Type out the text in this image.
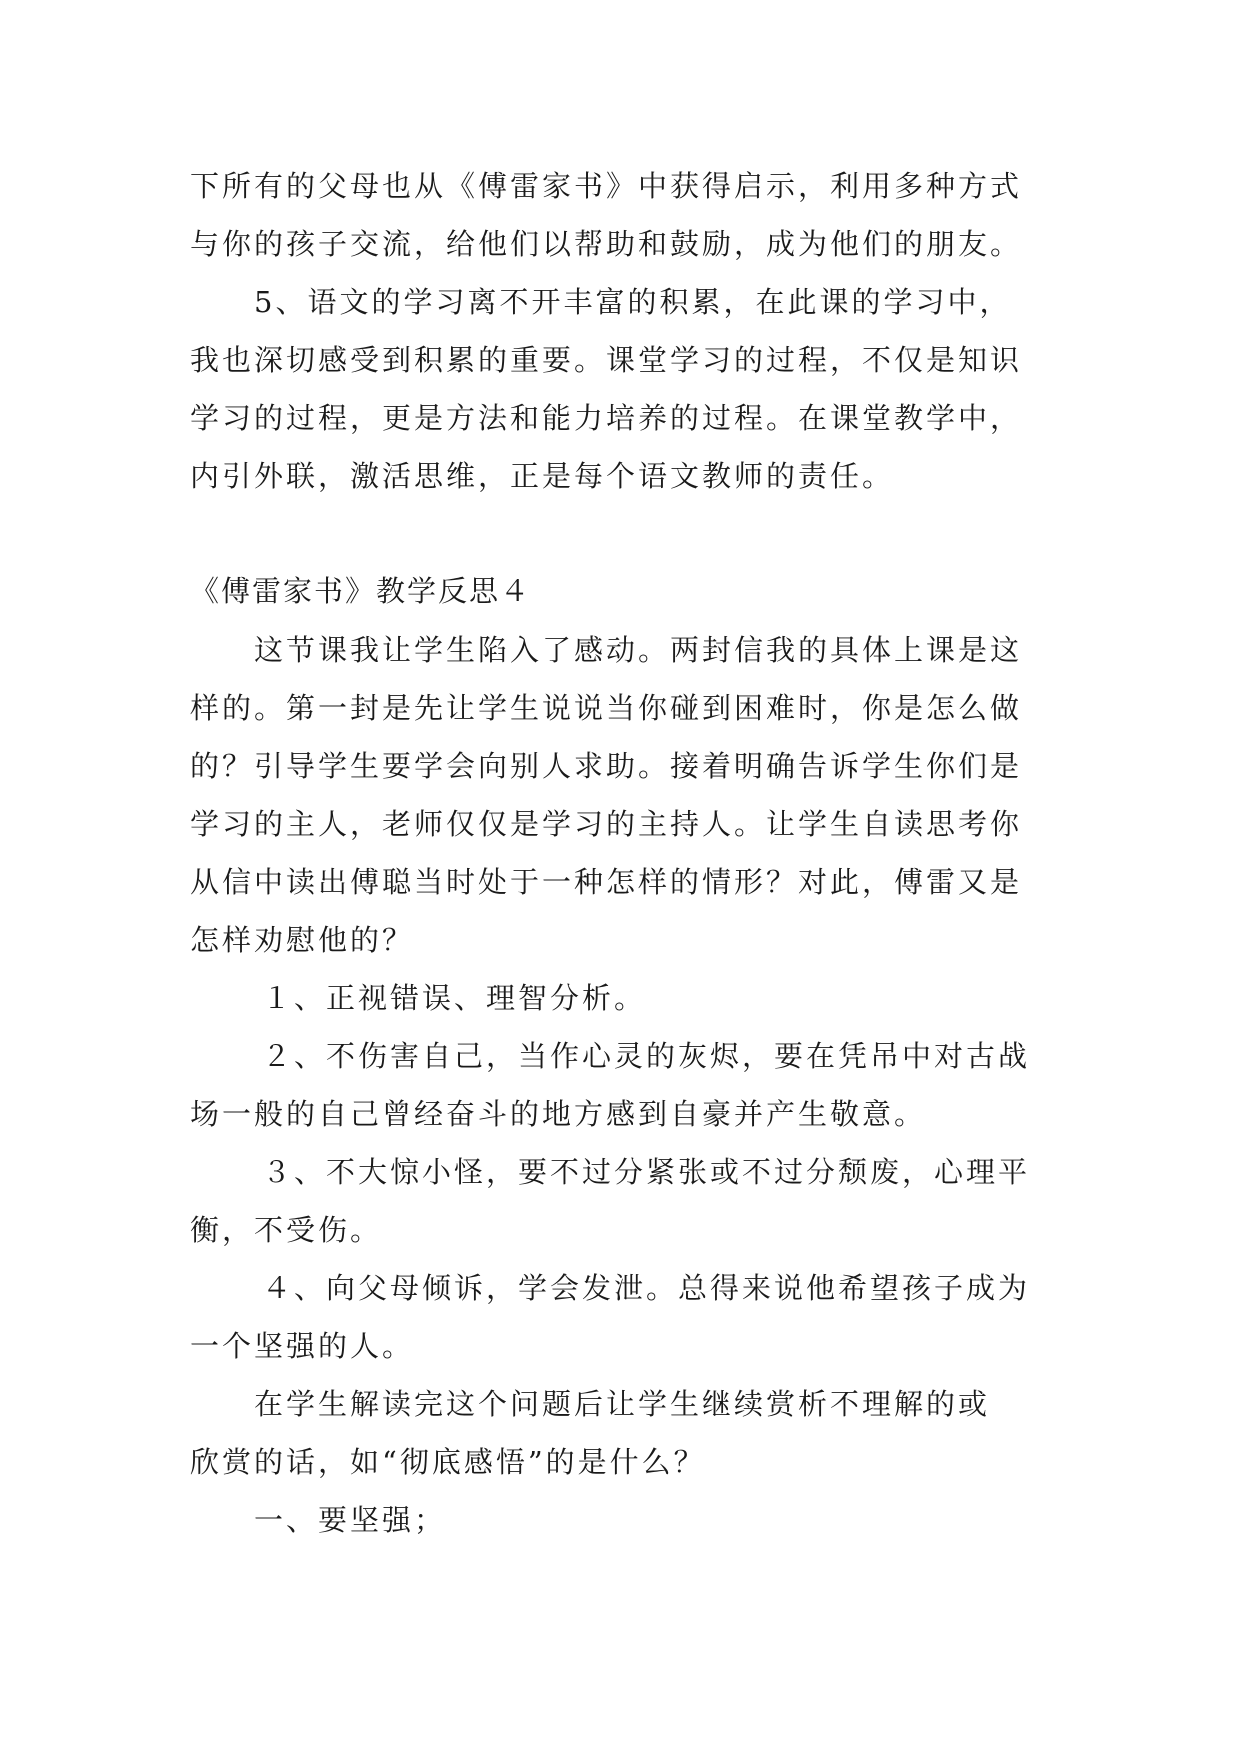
下所有的父母也从《傅雷家书》中获得启示，利用多种方式
与你的孩子交流，给他们以帮助和鼓励，成为他们的朋友。
5、语文的学习离不开丰富的积累，在此课的学习中，
我也深切感受到积累的重要。课堂学习的过程，不仅是知识
学习的过程，更是方法和能力培养的过程。在课堂教学中，
内引外联，激活思维，正是每个语文教师的责任。
《傅雷家书》教学反思４
这节课我让学生陷入了感动。两封信我的具体上课是这
样的。第一封是先让学生说说当你碰到困难时，你是怎么做
的？引导学生要学会向别人求助。接着明确告诉学生你们是
学习的主人，老师仅仅是学习的主持人。让学生自读思考你
从信中读出傅聪当时处于一种怎样的情形？对此，傅雷又是
怎样劝慰他的？
１、正视错误、理智分析。
２、不伤害自己，当作心灵的灰烬，要在凭吊中对古战
场一般的自己曾经奋斗的地方感到自豪并产生敬意。
３、不大惊小怪，要不过分紧张或不过分颓废，心理平
衡，不受伤。
４、向父母倾诉，学会发泄。总得来说他希望孩子成为
一个坚强的人。
在学生解读完这个问题后让学生继续赏析不理解的或
欣赏的话，如“彻底感悟”的是什么？
一、要坚强；
